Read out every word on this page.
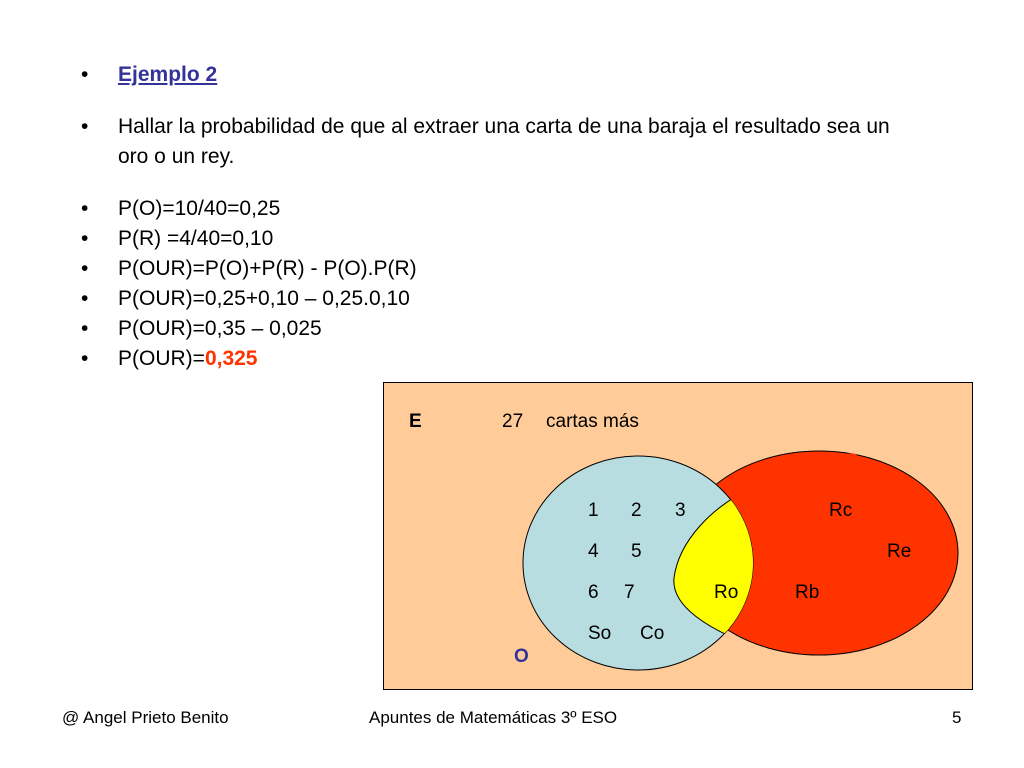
• Ejemplo 2
• Hallar la probabilidad de que al extraer una carta de una baraja el resultado sea un oro o un rey.
• P(O)=10/40=0,25
• P(R) =4/40=0,10
• P(OUR)=P(O)+P(R) - P(O).P(R)
• P(OUR)=0,25+0,10 – 0,25.0,10
• P(OUR)=0,35 – 0,025
• P(OUR)=0,325
E	27 cartas más
R
O
1 2 3
4 5
6 7
So Co
Ro
Rc
Re
Rb
@ Angel Prieto Benito	Apuntes de Matemáticas 3º ESO	5
